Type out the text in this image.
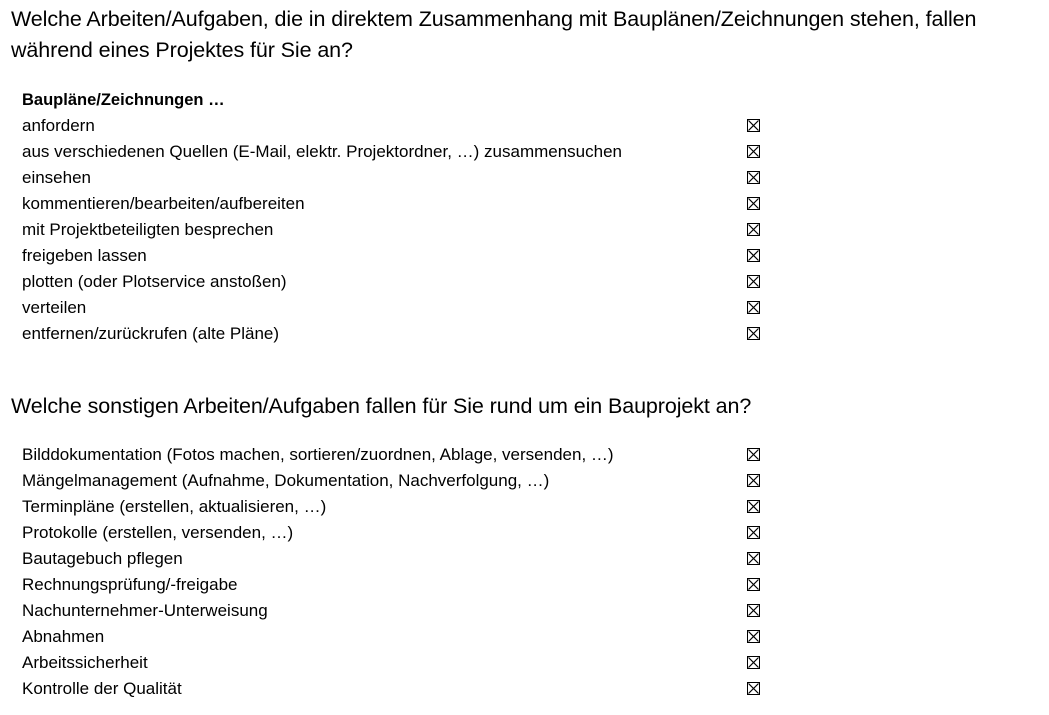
Welche Arbeiten/Aufgaben, die in direktem Zusammenhang mit Bauplänen/Zeichnungen stehen, fallen während eines Projektes für Sie an?

Baupläne/Zeichnungen …
anfordern
aus verschiedenen Quellen (E-Mail, elektr. Projektordner, …) zusammensuchen
einsehen
kommentieren/bearbeiten/aufbereiten
mit Projektbeteiligten besprechen
freigeben lassen
plotten (oder Plotservice anstoßen)
verteilen
entfernen/zurückrufen (alte Pläne)

Welche sonstigen Arbeiten/Aufgaben fallen für Sie rund um ein Bauprojekt an?

Bilddokumentation (Fotos machen, sortieren/zuordnen, Ablage, versenden, …)
Mängelmanagement (Aufnahme, Dokumentation, Nachverfolgung, …)
Terminpläne (erstellen, aktualisieren, …)
Protokolle (erstellen, versenden, …)
Bautagebuch pflegen
Rechnungsprüfung/-freigabe
Nachunternehmer-Unterweisung
Abnahmen
Arbeitssicherheit
Kontrolle der Qualität
